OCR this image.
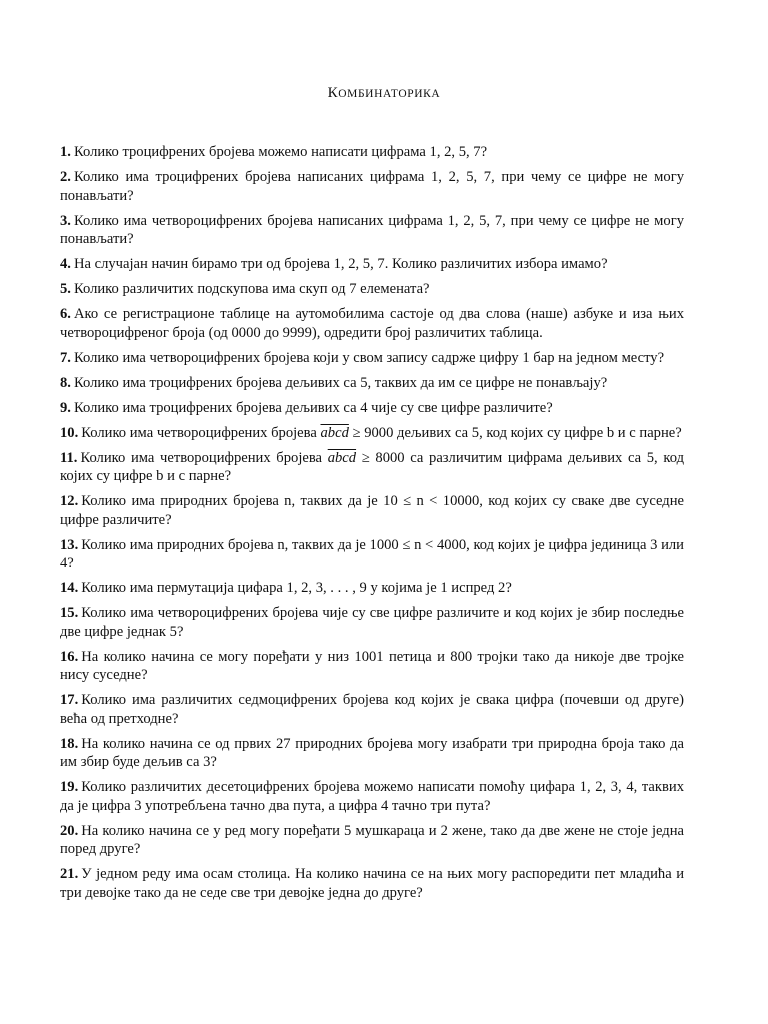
КОМБИНАТОРИКА
1. Колико троцифрених бројева можемо написати цифрама 1, 2, 5, 7?
2. Колико има троцифрених бројева написаних цифрама 1, 2, 5, 7, при чему се цифре не могу понављати?
3. Колико има четвороцифрених бројева написаних цифрама 1, 2, 5, 7, при чему се цифре не могу понављати?
4. На случајан начин бирамо три од бројева 1, 2, 5, 7. Колико различитих избора имамо?
5. Колико различитих подскупова има скуп од 7 елемената?
6. Ако се регистрационе таблице на аутомобилима састоје од два слова (наше) азбуке и иза њих четвороцифреног броја (од 0000 до 9999), одредити број различитих таблица.
7. Колико има четвороцифрених бројева који у свом запису садрже цифру 1 бар на једном месту?
8. Колико има троцифрених бројева дељивих са 5, таквих да им се цифре не понављају?
9. Колико има троцифрених бројева дељивих са 4 чије су све цифре различите?
10. Колико има четвороцифрених бројева abcd ≥ 9000 дељивих са 5, код којих су цифре b и c парне?
11. Колико има четвороцифрених бројева abcd ≥ 8000 са различитим цифрама дељивих са 5, код којих су цифре b и c парне?
12. Колико има природних бројева n, таквих да је 10 ≤ n < 10000, код којих су сваке две суседне цифре различите?
13. Колико има природних бројева n, таквих да је 1000 ≤ n < 4000, код којих је цифра јединица 3 или 4?
14. Колико има пермутација цифара 1, 2, 3, . . . , 9 у којима је 1 испред 2?
15. Колико има четвороцифрених бројева чије су све цифре различите и код којих је збир последње две цифре једнак 5?
16. На колико начина се могу поређати у низ 1001 петица и 800 тројки тако да никоје две тројке нису суседне?
17. Колико има различитих седмоцифрених бројева код којих је свака цифра (почевши од друге) већа од претходне?
18. На колико начина се од првих 27 природних бројева могу изабрати три природна броја тако да им збир буде дељив са 3?
19. Колико различитих десетоцифрених бројева можемо написати помоћу цифара 1, 2, 3, 4, таквих да је цифра 3 употребљена тачно два пута, а цифра 4 тачно три пута?
20. На колико начина се у ред могу поређати 5 мушкараца и 2 жене, тако да две жене не стоје једна поред друге?
21. У једном реду има осам столица. На колико начина се на њих могу распоредити пет младића и три девојке тако да не седе све три девојке једна до друге?
